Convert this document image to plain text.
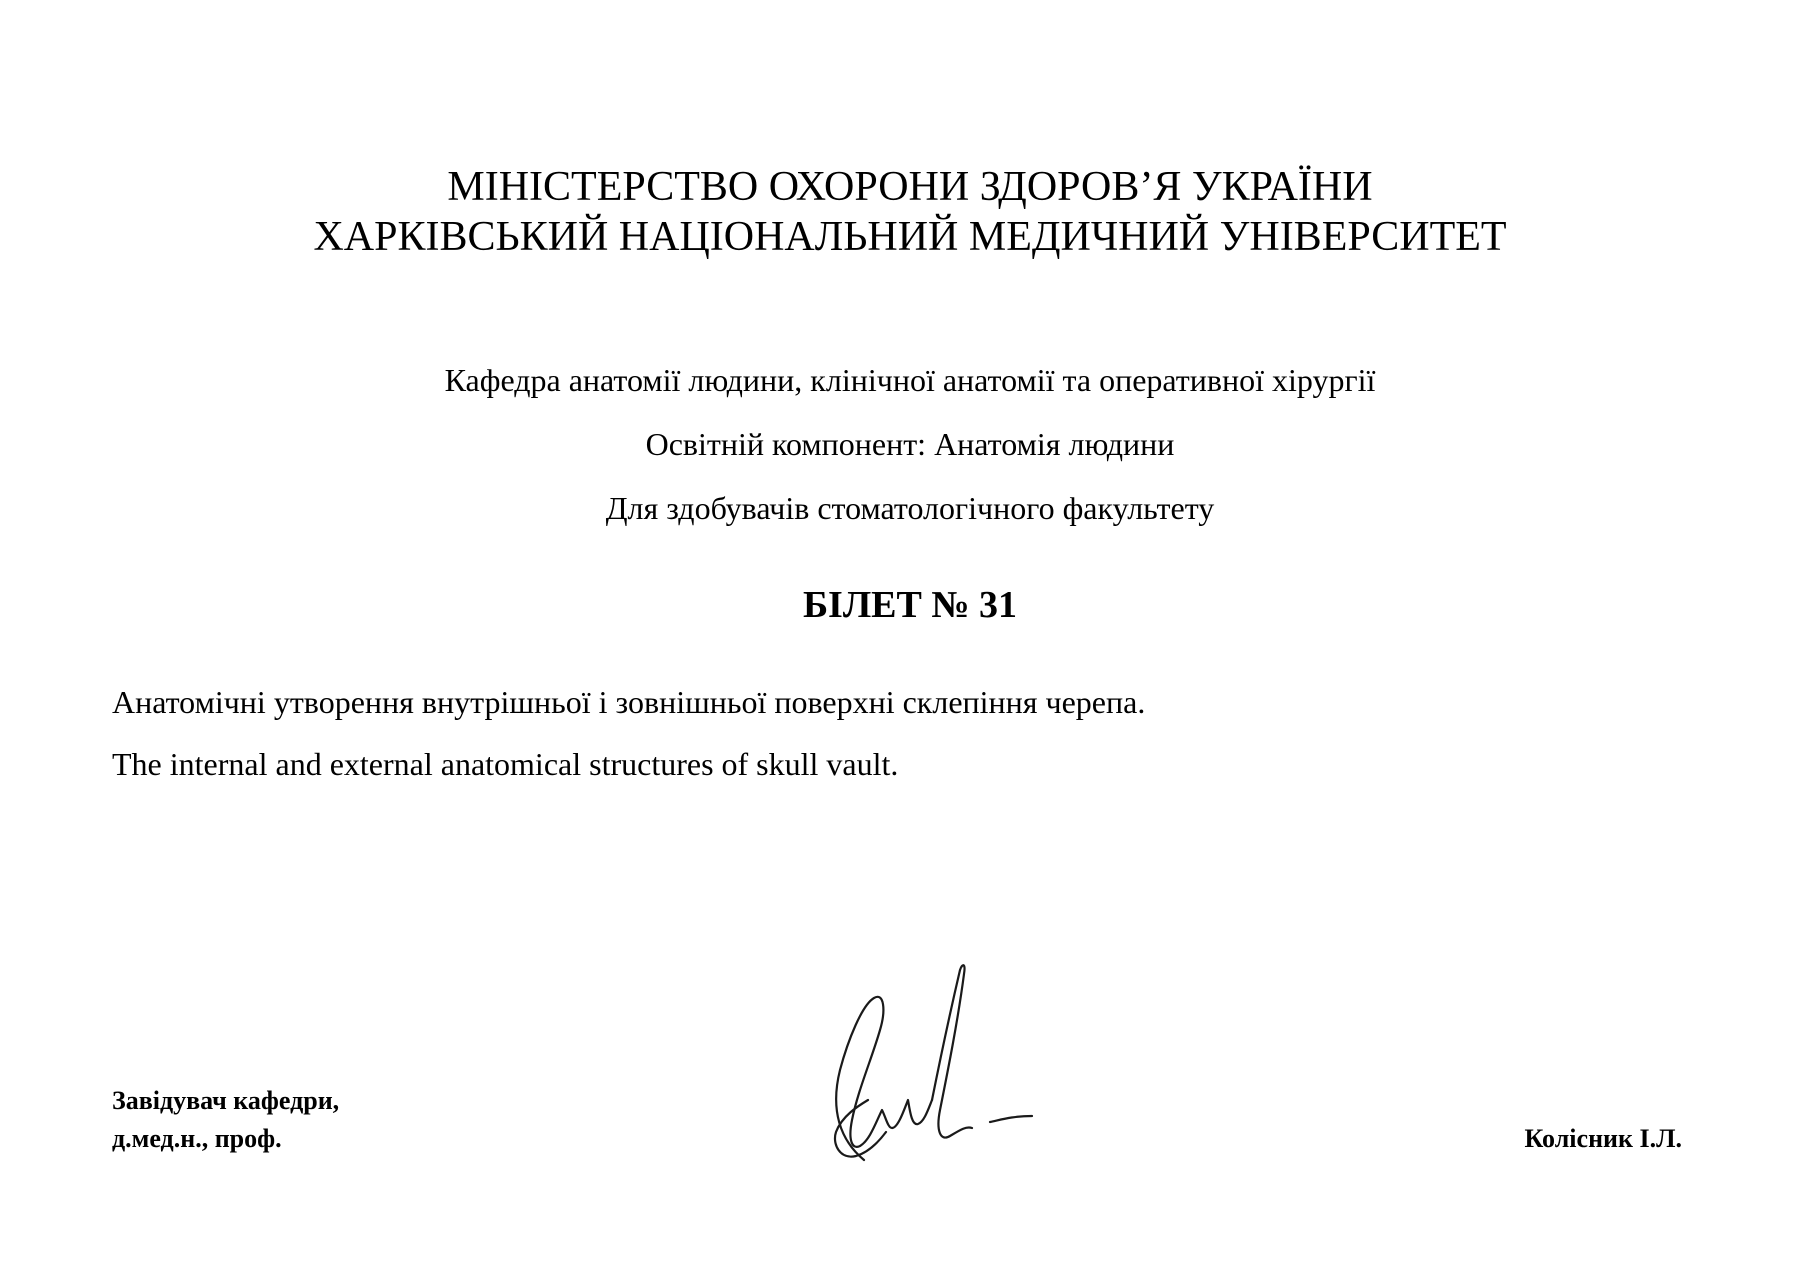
МІНІСТЕРСТВО ОХОРОНИ ЗДОРОВ’Я УКРАЇНИ
ХАРКІВСЬКИЙ НАЦІОНАЛЬНИЙ МЕДИЧНИЙ УНІВЕРСИТЕТ
Кафедра анатомії людини, клінічної анатомії та оперативної хірургії
Освітній компонент: Анатомія людини
Для здобувачів стоматологічного факультету
БІЛЕТ № 31
Анатомічні утворення внутрішньої і зовнішньої поверхні склепіння черепа.
The internal and external anatomical structures of skull vault.
Завідувач кафедри,
д.мед.н., проф.	Колісник І.Л.
